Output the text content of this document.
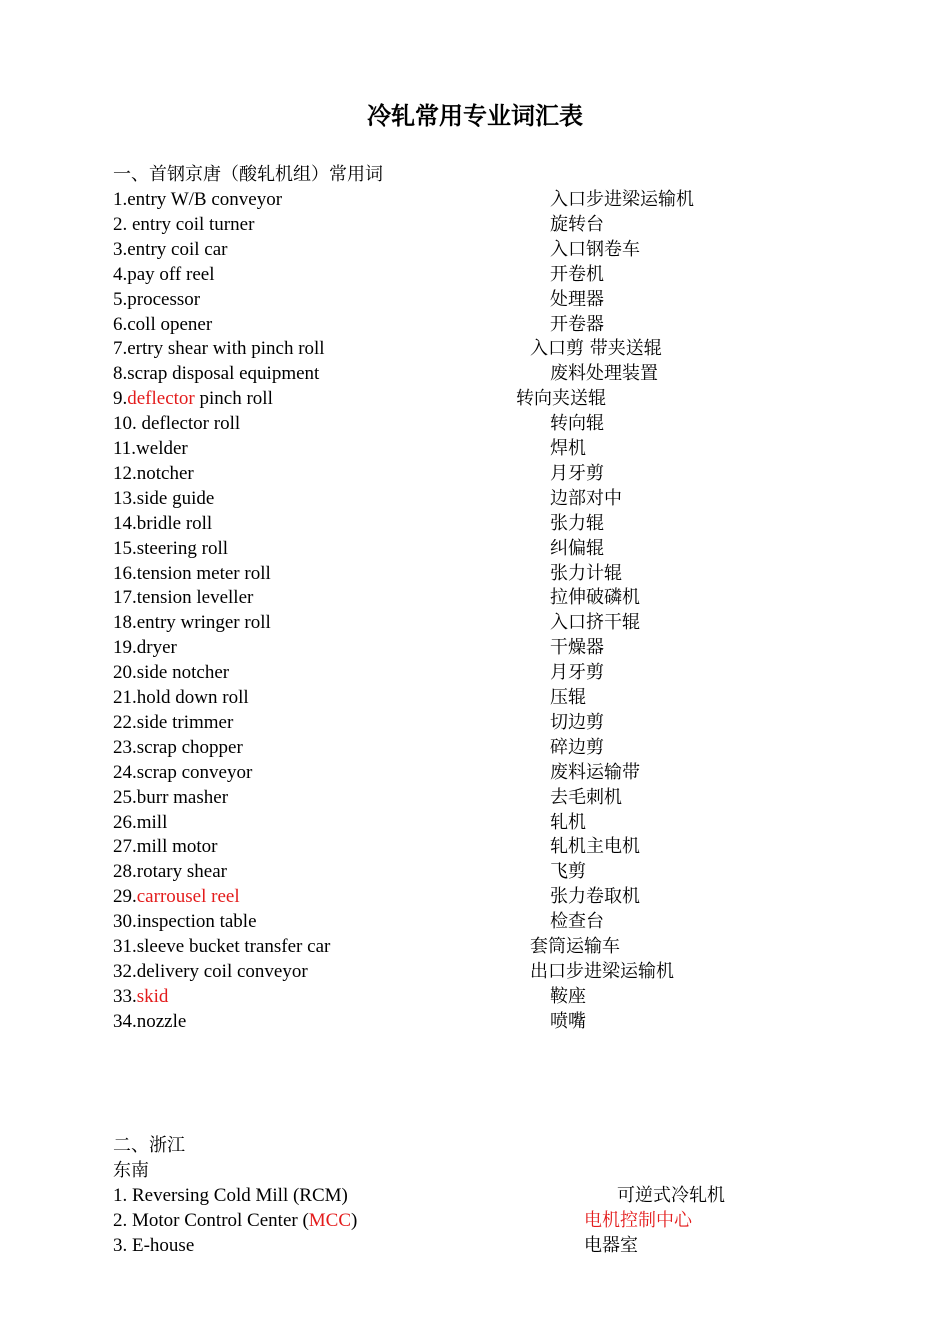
冷轧常用专业词汇表
一、首钢京唐（酸轧机组）常用词
1.entry W/B conveyor	入口步进梁运输机
2. entry coil turner	旋转台
3.entry coil car	入口钢卷车
4.pay off reel	开卷机
5.processor	处理器
6.coll opener	开卷器
7.ertry shear with pinch roll	入口剪 带夹送辊
8.scrap disposal equipment	废料处理装置
9.deflector pinch roll	转向夹送辊
10. deflector roll	转向辊
11.welder	焊机
12.notcher	月牙剪
13.side guide	边部对中
14.bridle roll	张力辊
15.steering roll	纠偏辊
16.tension meter roll	张力计辊
17.tension leveller	拉伸破磷机
18.entry wringer roll	入口挤干辊
19.dryer	干燥器
20.side notcher	月牙剪
21.hold down roll	压辊
22.side trimmer	切边剪
23.scrap chopper	碎边剪
24.scrap conveyor	废料运输带
25.burr masher	去毛刺机
26.mill	轧机
27.mill motor	轧机主电机
28.rotary shear	飞剪
29.carrousel reel	张力卷取机
30.inspection table	检查台
31.sleeve bucket transfer car	套筒运输车
32.delivery coil conveyor	出口步进梁运输机
33.skid	鞍座
34.nozzle	喷嘴
二、浙江
东南
1. Reversing Cold Mill (RCM)	可逆式冷轧机
2. Motor Control Center (MCC)	电机控制中心
3. E-house	电器室
